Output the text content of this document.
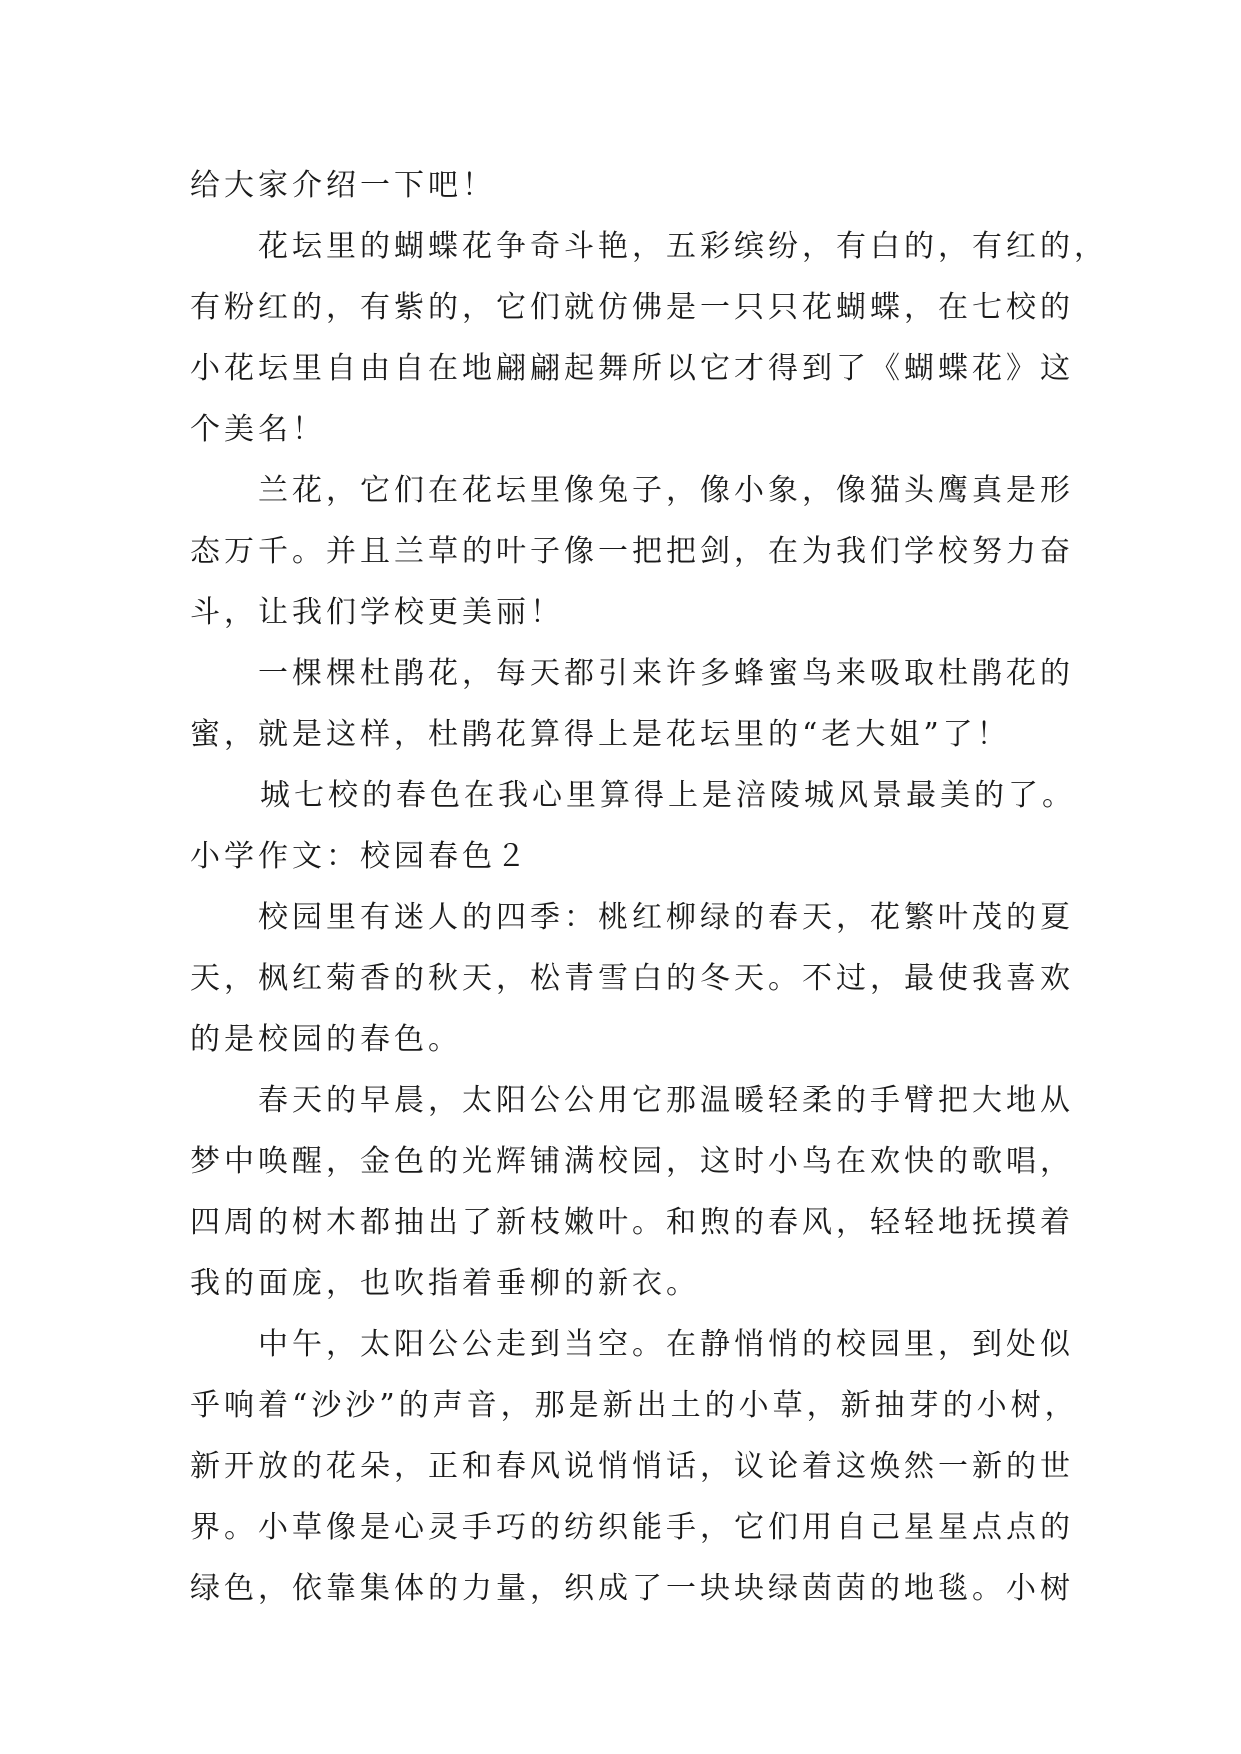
给大家介绍一下吧！
花坛里的蝴蝶花争奇斗艳，五彩缤纷，有白的，有红的，
有粉红的，有紫的，它们就仿佛是一只只花蝴蝶，在七校的
小花坛里自由自在地翩翩起舞所以它才得到了《蝴蝶花》这
个美名！
兰花，它们在花坛里像兔子，像小象，像猫头鹰真是形
态万千。并且兰草的叶子像一把把剑，在为我们学校努力奋
斗，让我们学校更美丽！
一棵棵杜鹃花，每天都引来许多蜂蜜鸟来吸取杜鹃花的
蜜，就是这样，杜鹃花算得上是花坛里的“老大姐”了！
城七校的春色在我心里算得上是涪陵城风景最美的了。
小学作文：校园春色２
校园里有迷人的四季：桃红柳绿的春天，花繁叶茂的夏
天，枫红菊香的秋天，松青雪白的冬天。不过，最使我喜欢
的是校园的春色。
春天的早晨，太阳公公用它那温暖轻柔的手臂把大地从
梦中唤醒，金色的光辉铺满校园，这时小鸟在欢快的歌唱，
四周的树木都抽出了新枝嫩叶。和煦的春风，轻轻地抚摸着
我的面庞，也吹指着垂柳的新衣。
中午，太阳公公走到当空。在静悄悄的校园里，到处似
乎响着“沙沙”的声音，那是新出土的小草，新抽芽的小树，
新开放的花朵，正和春风说悄悄话，议论着这焕然一新的世
界。小草像是心灵手巧的纺织能手，它们用自己星星点点的
绿色，依靠集体的力量，织成了一块块绿茵茵的地毯。小树
